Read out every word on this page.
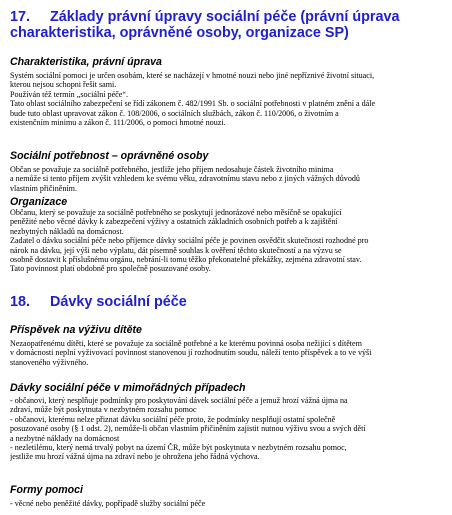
17. Základy právní úpravy sociální péče (právní úprava
charakteristika, oprávněné osoby, organizace SP)
Charakteristika, právní úprava
Systém sociální pomoci je určen osobám, které se nacházejí v hmotné nouzi nebo jiné nepříznivé životní situaci,
kterou nejsou schopni řešit sami.
Používán též termín „sociální péče“.
Tato oblast sociálního zabezpečení se řídí zákonem č. 482/1991 Sb. o sociální potřebnosti v platném znění a dále
bude tuto oblast upravovat zákon č. 108/2006, o sociálních službách, zákon č. 110/2006, o životním a
existenčním minimu a zákon č. 111/2006, o pomoci hmotné nouzi.
Sociální potřebnost – oprávněné osoby
Občan se považuje za sociálně potřebného, jestliže jeho příjem nedosahuje částek životního minima
a nemůže si tento příjem zvýšit vzhledem ke svému věku, zdravotnímu stavu nebo z jiných vážných důvodů
vlastním přičiněním.
Organizace
Občanu, který se považuje za sociálně potřebného se poskytují jednorázové nebo měsíčně se opakující
peněžité nebo věcné dávky k zabezpečení výživy a ostatních základních osobních potřeb a k zajištění
nezbytných nákladů na domácnost.
Zadatel o dávku sociální péče nebo příjemce dávky sociální péče je povinen osvědčit skutečnosti rozhodné pro
nárok na dávku, její výši nebo výplatu, dát písemně souhlas k ověření těchto skutečností a na výzvu se
osobně dostavit k příslušnému orgánu, nebrání-li tomu těžko překonatelné překážky, zejména zdravotní stav.
Tato povinnost platí obdobně pro společně posuzované osoby.
18. Dávky sociální péče
Příspěvek na výživu dítěte
Nezaopatřenému dítěti, které se považuje za sociálně potřebné a ke kterému povinná osoba nežijící s dítětem
v domácnosti neplní vyživovací povinnost stanovenou jí rozhodnutím soudu, náleží tento příspěvek a to ve výši
stanoveného výživného.
Dávky sociální péče v mimořádných případech
- občanovi, který nesplňuje podmínky pro poskytování dávek sociální péče a jemuž hrozí vážná újma na
zdraví, může být poskytnuta v nezbytném rozsahu pomoc
- občanovi, kterému nelze přiznat dávku sociální péče proto, že podmínky nesplňují ostatní společně
posuzované osoby (§ 1 odst. 2), nemůže-li občan vlastním přičiněním zajistit nutnou výživu svou a svých dětí
a nezbytné náklady na domácnost
- nezletilému, který nemá trvalý pobyt na území ČR, může být poskytnuta v nezbytném rozsahu pomoc,
jestliže mu hrozí vážná újma na zdraví nebo je ohrožena jeho řádná výchova.
Formy pomoci
- věcné nebo peněžité dávky, popřípadě služby sociální péče
